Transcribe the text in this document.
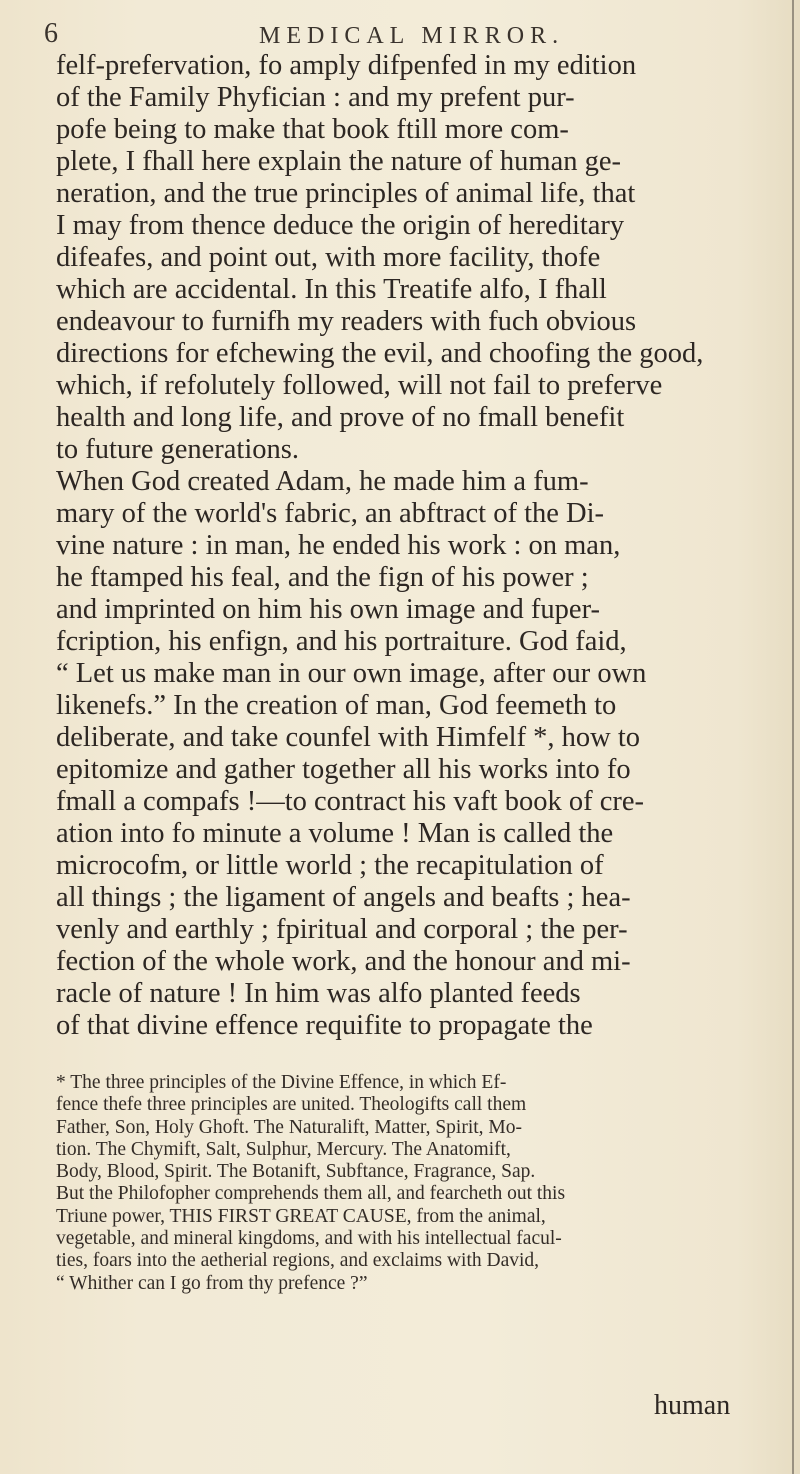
6	MEDICAL MIRROR.
felf-prefervation, fo amply difpenfed in my edition
of the Family Phyfician : and my prefent pur-
pofe being to make that book ftill more com-
plete, I fhall here explain the nature of human ge-
neration, and the true principles of animal life, that
I may from thence deduce the origin of hereditary
difeafes, and point out, with more facility, thofe
which are accidental. In this Treatife alfo, I fhall
endeavour to furnifh my readers with fuch obvious
directions for efchewing the evil, and choofing the good,
which, if refolutely followed, will not fail to preferve
health and long life, and prove of no fmall benefit
to future generations.
When God created Adam, he made him a fum-
mary of the world's fabric, an abftract of the Di-
vine nature : in man, he ended his work : on man,
he ftamped his feal, and the fign of his power ;
and imprinted on him his own image and fuper-
fcription, his enfign, and his portraiture. God faid,
“ Let us make man in our own image, after our own
likenefs.” In the creation of man, God feemeth to
deliberate, and take counfel with Himfelf *, how to
epitomize and gather together all his works into fo
fmall a compafs !—to contract his vaft book of cre-
ation into fo minute a volume ! Man is called the
microcofm, or little world ; the recapitulation of
all things ; the ligament of angels and beafts ; hea-
venly and earthly ; fpiritual and corporal ; the per-
fection of the whole work, and the honour and mi-
racle of nature ! In him was alfo planted feeds
of that divine effence requifite to propagate the
* The three principles of the Divine Effence, in which Ef-
fence thefe three principles are united. Theologifts call them
Father, Son, Holy Ghoft. The Naturalift, Matter, Spirit, Mo-
tion. The Chymift, Salt, Sulphur, Mercury. The Anatomift,
Body, Blood, Spirit. The Botanift, Subftance, Fragrance, Sap.
But the Philofopher comprehends them all, and fearcheth out this
Triune power, THIS FIRST GREAT CAUSE, from the animal,
vegetable, and mineral kingdoms, and with his intellectual facul-
ties, foars into the aetherial regions, and exclaims with David,
“ Whither can I go from thy prefence ?”
human
